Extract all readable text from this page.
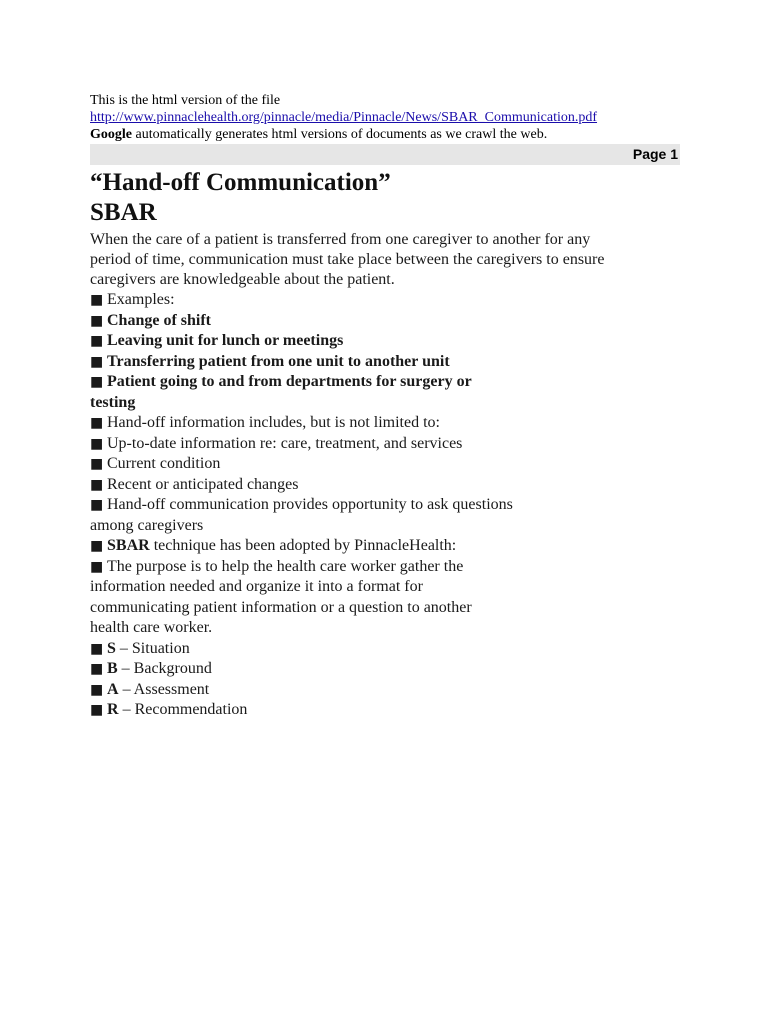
This is the html version of the file
http://www.pinnaclehealth.org/pinnacle/media/Pinnacle/News/SBAR_Communication.pdf
Google automatically generates html versions of documents as we crawl the web.
Page 1
“Hand-off Communication”
SBAR
When the care of a patient is transferred from one caregiver to another for any period of time, communication must take place between the caregivers to ensure caregivers are knowledgeable about the patient.
■ Examples:
■ Change of shift
■ Leaving unit for lunch or meetings
■ Transferring patient from one unit to another unit
■ Patient going to and from departments for surgery or testing
■ Hand-off information includes, but is not limited to:
■ Up-to-date information re: care, treatment, and services
■ Current condition
■ Recent or anticipated changes
■ Hand-off communication provides opportunity to ask questions among caregivers
■ SBAR technique has been adopted by PinnacleHealth:
■ The purpose is to help the health care worker gather the information needed and organize it into a format for communicating patient information or a question to another health care worker.
■ S – Situation
■ B – Background
■ A – Assessment
■ R – Recommendation
